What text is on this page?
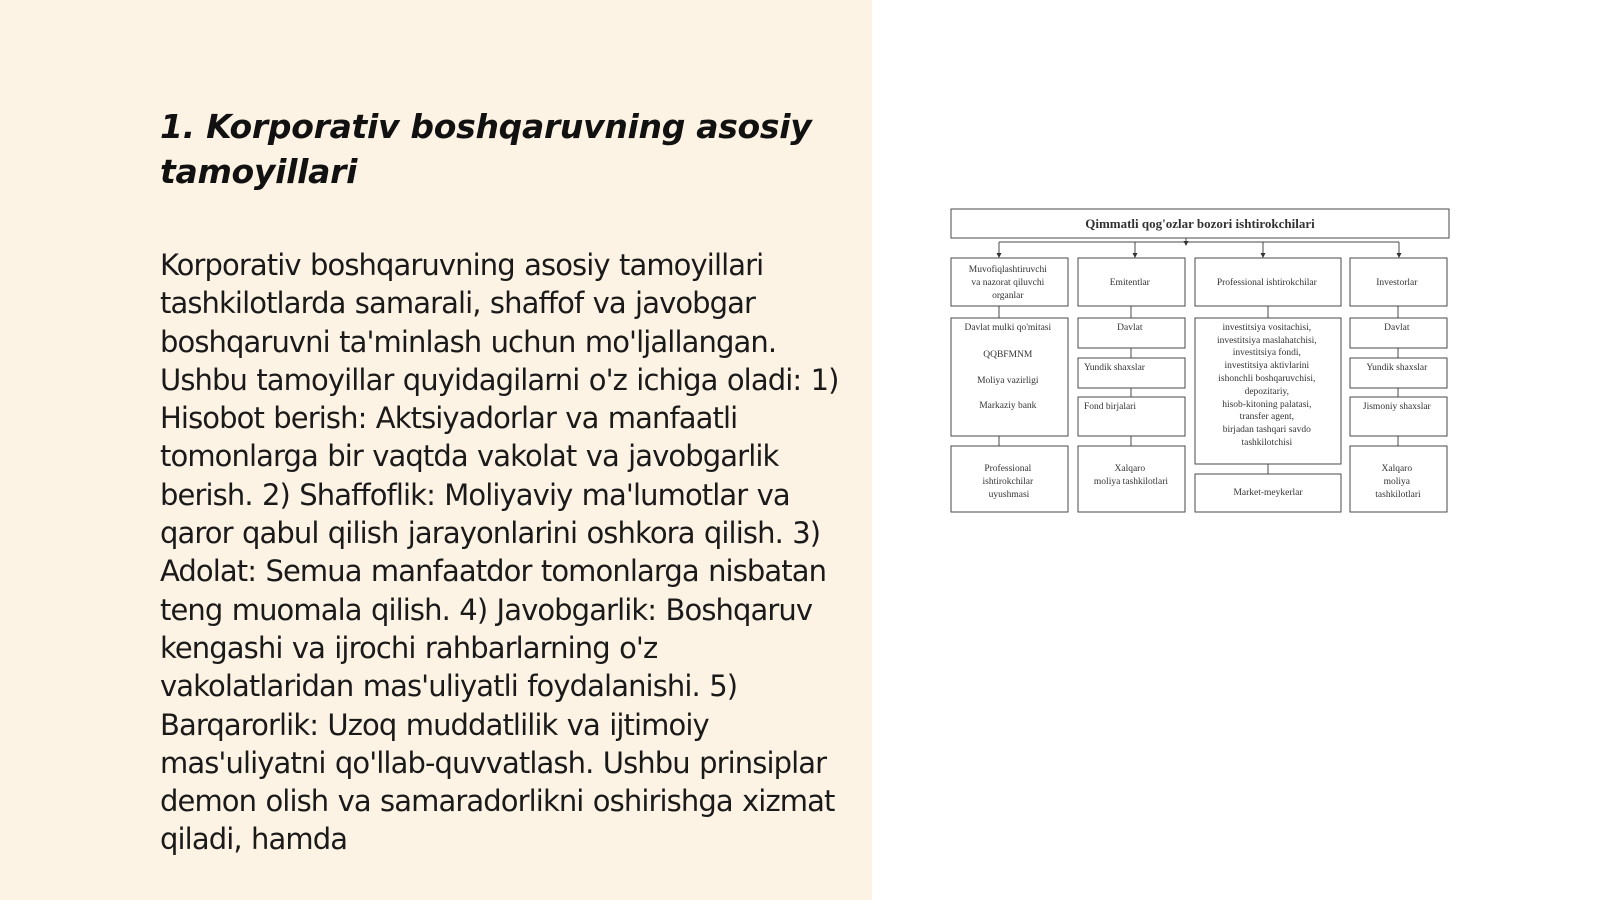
1. Korporativ boshqaruvning asosiy tamoyillari

Korporativ boshqaruvning asosiy tamoyillari tashkilotlarda samarali, shaffof va javobgar boshqaruvni ta'minlash uchun mo'ljallangan. Ushbu tamoyillar quyidagilarni o'z ichiga oladi: 1) Hisobot berish: Aktsiyadorlar va manfaatli tomonlarga bir vaqtda vakolat va javobgarlik berish. 2) Shaffoflik: Moliyaviy ma'lumotlar va qaror qabul qilish jarayonlarini oshkora qilish. 3) Adolat: Semua manfaatdor tomonlarga nisbatan teng muomala qilish. 4) Javobgarlik: Boshqaruv kengashi va ijrochi rahbarlarning o'z vakolatlaridan mas'uliyatli foydalanishi. 5) Barqarorlik: Uzoq muddatlilik va ijtimoiy mas'uliyatni qo'llab-quvvatlash. Ushbu prinsiplar demon olish va samaradorlikni oshirishga xizmat qiladi, hamda

Qimmatli qog'ozlar bozori ishtirokchilari
Muvofiqlashtiruvchi va nazorat qiluvchi organlar Davlat mulki qo'mitasi QQBFMNM Moliya vazirligi Markaziy bank Professional ishtirokchilar uyushmasi
Emitentlar Davlat Yundik shaxslar Fond birjalari Xalqaro moliya tashkilotlari
Professional ishtirokchilar investitsiya vositachisi, investitsiya maslahatchisi, investitsiya fondi, investitsiya aktivlarini ishonchli boshqaruvchisi, depozitariy, hisob-kitoning palatasi, transfer agent, birjadan tashqari savdo tashkilotchisi Market-meykerlar
Investorlar Davlat Yundik shaxslar Jismoniy shaxslar Xalqaro moliya tashkilotlari
